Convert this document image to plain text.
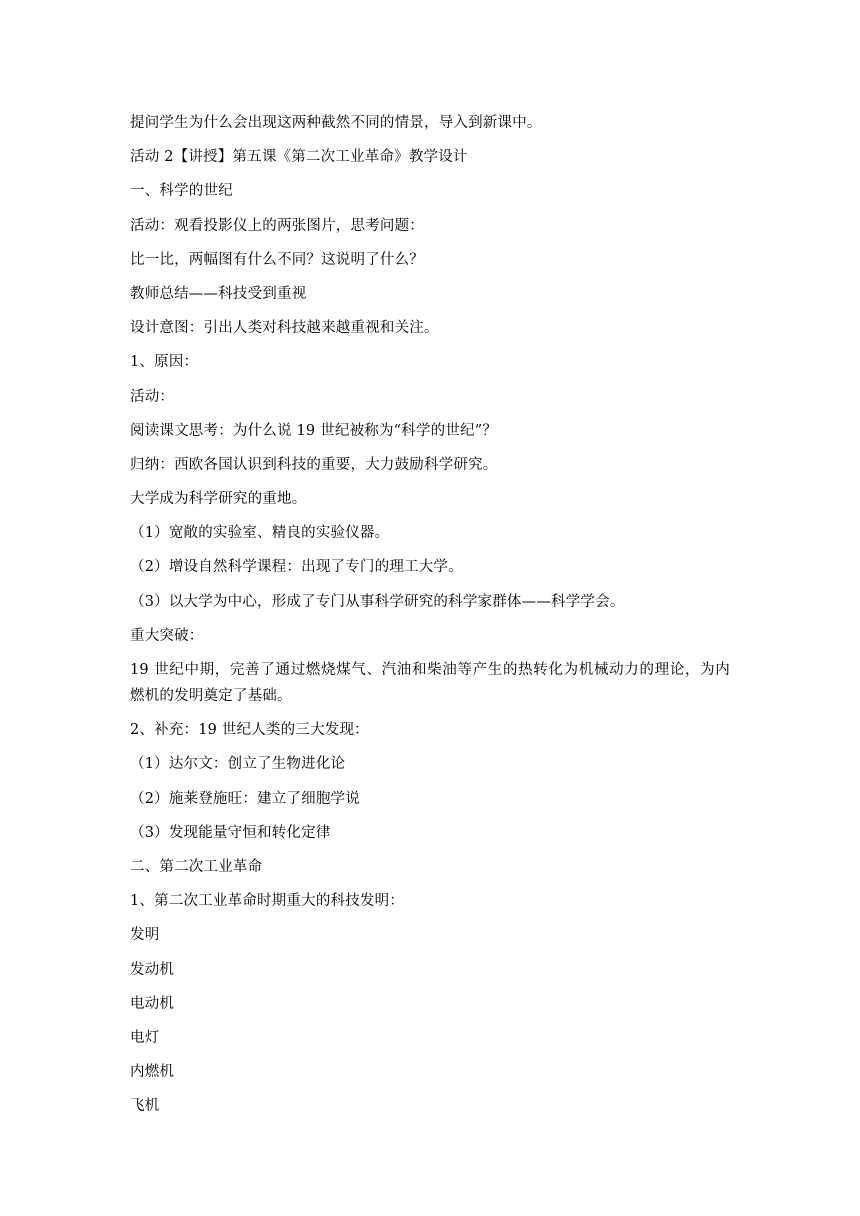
提问学生为什么会出现这两种截然不同的情景，导入到新课中。
活动 2【讲授】第五课《第二次工业革命》教学设计
一、科学的世纪
活动：观看投影仪上的两张图片，思考问题：
比一比，两幅图有什么不同？这说明了什么？
教师总结——科技受到重视
设计意图：引出人类对科技越来越重视和关注。
1、原因：
活动：
阅读课文思考：为什么说 19 世纪被称为“科学的世纪”？
归纳：西欧各国认识到科技的重要，大力鼓励科学研究。
大学成为科学研究的重地。
（1）宽敞的实验室、精良的实验仪器。
（2）增设自然科学课程：出现了专门的理工大学。
（3）以大学为中心，形成了专门从事科学研究的科学家群体——科学学会。
重大突破：
19 世纪中期，完善了通过燃烧煤气、汽油和柴油等产生的热转化为机械动力的理论，为内
燃机的发明奠定了基础。
2、补充：19 世纪人类的三大发现：
（1）达尔文：创立了生物进化论
（2）施莱登施旺：建立了细胞学说
（3）发现能量守恒和转化定律
二、第二次工业革命
1、第二次工业革命时期重大的科技发明：
发明
发动机
电动机
电灯
内燃机
飞机
